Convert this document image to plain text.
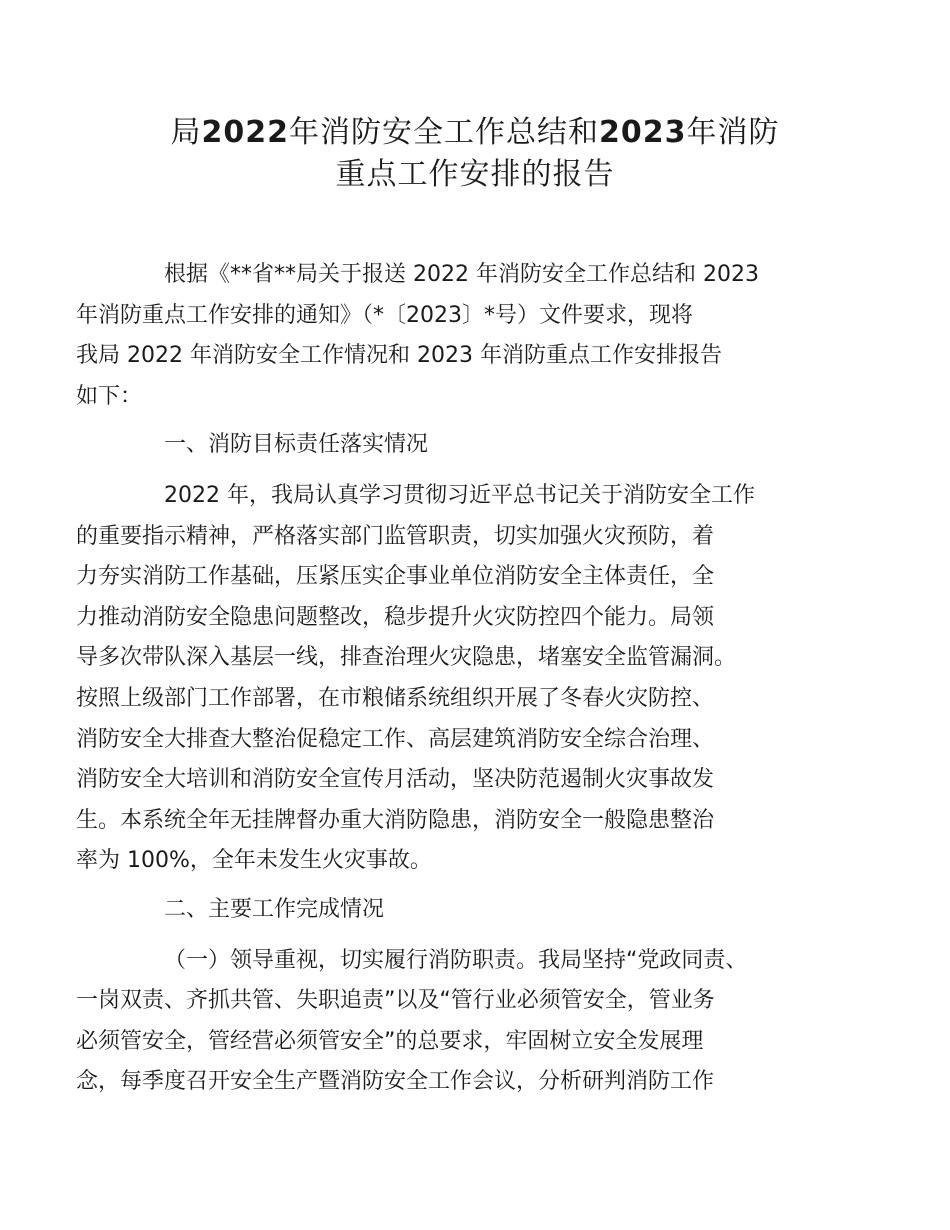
局2022年消防安全工作总结和2023年消防
重点工作安排的报告
根据《**省**局关于报送 2022 年消防安全工作总结和 2023
年消防重点工作安排的通知》（*〔2023〕*号）文件要求，现将
我局 2022 年消防安全工作情况和 2023 年消防重点工作安排报告
如下：
一、消防目标责任落实情况
2022 年，我局认真学习贯彻习近平总书记关于消防安全工作
的重要指示精神，严格落实部门监管职责，切实加强火灾预防，着
力夯实消防工作基础，压紧压实企事业单位消防安全主体责任，全
力推动消防安全隐患问题整改，稳步提升火灾防控四个能力。局领
导多次带队深入基层一线，排查治理火灾隐患，堵塞安全监管漏洞。
按照上级部门工作部署，在市粮储系统组织开展了冬春火灾防控、
消防安全大排查大整治促稳定工作、高层建筑消防安全综合治理、
消防安全大培训和消防安全宣传月活动，坚决防范遏制火灾事故发
生。本系统全年无挂牌督办重大消防隐患，消防安全一般隐患整治
率为 100%，全年未发生火灾事故。
二、主要工作完成情况
（一）领导重视，切实履行消防职责。我局坚持“党政同责、
一岗双责、齐抓共管、失职追责”以及“管行业必须管安全，管业务
必须管安全，管经营必须管安全”的总要求，牢固树立安全发展理
念，每季度召开安全生产暨消防安全工作会议，分析研判消防工作
